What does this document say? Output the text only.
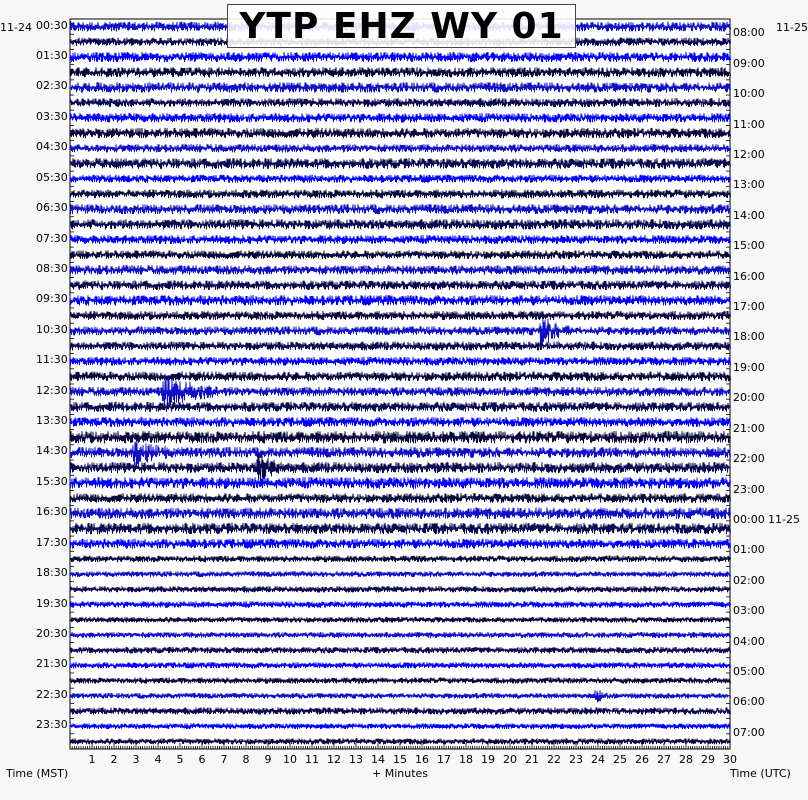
YTP EHZ WY 01
11-24	11-25
00:30
01:30
02:30
03:30
04:30
05:30
06:30
07:30
08:30
09:30
10:30
11:30
12:30
13:30
14:30
15:30
16:30
17:30
18:30
19:30
20:30
21:30
22:30
23:30
08:00
09:00
10:00
11:00
12:00
13:00
14:00
15:00
16:00
17:00
18:00
19:00
20:00
21:00
22:00
23:00
00:00 11-25
01:00
02:00
03:00
04:00
05:00
06:00
07:00
1 2 3 4 5 6 7 8 9 10 11 12 13 14 15 16 17 18 19 20 21 22 23 24 25 26 27 28 29 30
Time (MST)	+ Minutes	Time (UTC)
